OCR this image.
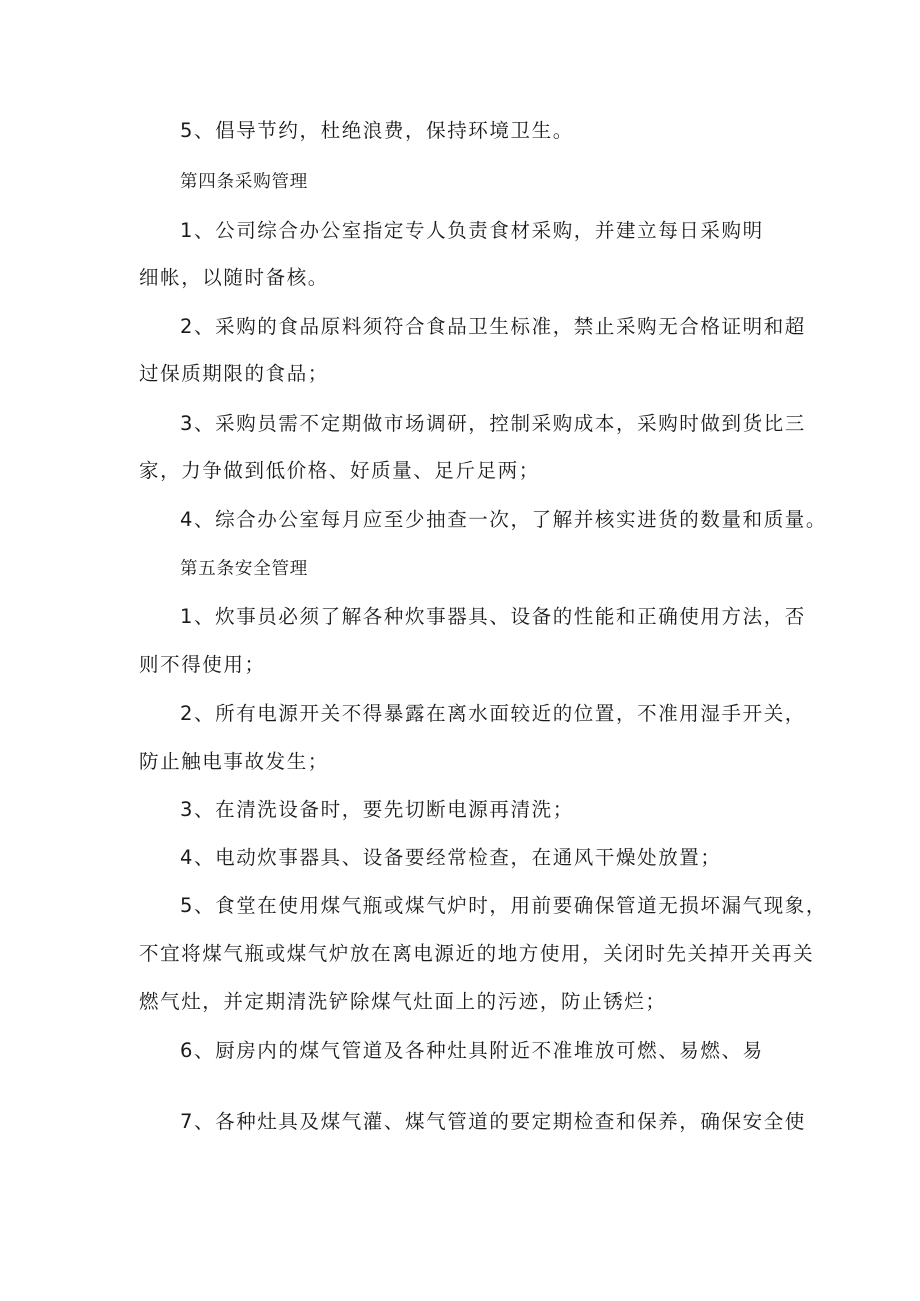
5、倡导节约，杜绝浪费，保持环境卫生。

第四条采购管理

1、公司综合办公室指定专人负责食材采购，并建立每日采购明

细帐，以随时备核。

2、采购的食品原料须符合食品卫生标准，禁止采购无合格证明和超

过保质期限的食品；

3、采购员需不定期做市场调研，控制采购成本，采购时做到货比三

家，力争做到低价格、好质量、足斤足两；

4、综合办公室每月应至少抽查一次，了解并核实进货的数量和质量。

第五条安全管理

1、炊事员必须了解各种炊事器具、设备的性能和正确使用方法，否

则不得使用；

2、所有电源开关不得暴露在离水面较近的位置，不准用湿手开关，

防止触电事故发生；

3、在清洗设备时，要先切断电源再清洗；

4、电动炊事器具、设备要经常检查，在通风干燥处放置；

5、食堂在使用煤气瓶或煤气炉时，用前要确保管道无损坏漏气现象，

不宜将煤气瓶或煤气炉放在离电源近的地方使用，关闭时先关掉开关再关

燃气灶，并定期清洗铲除煤气灶面上的污迹，防止锈烂；

6、厨房内的煤气管道及各种灶具附近不准堆放可燃、易燃、易

7、各种灶具及煤气灌、煤气管道的要定期检查和保养，确保安全使
